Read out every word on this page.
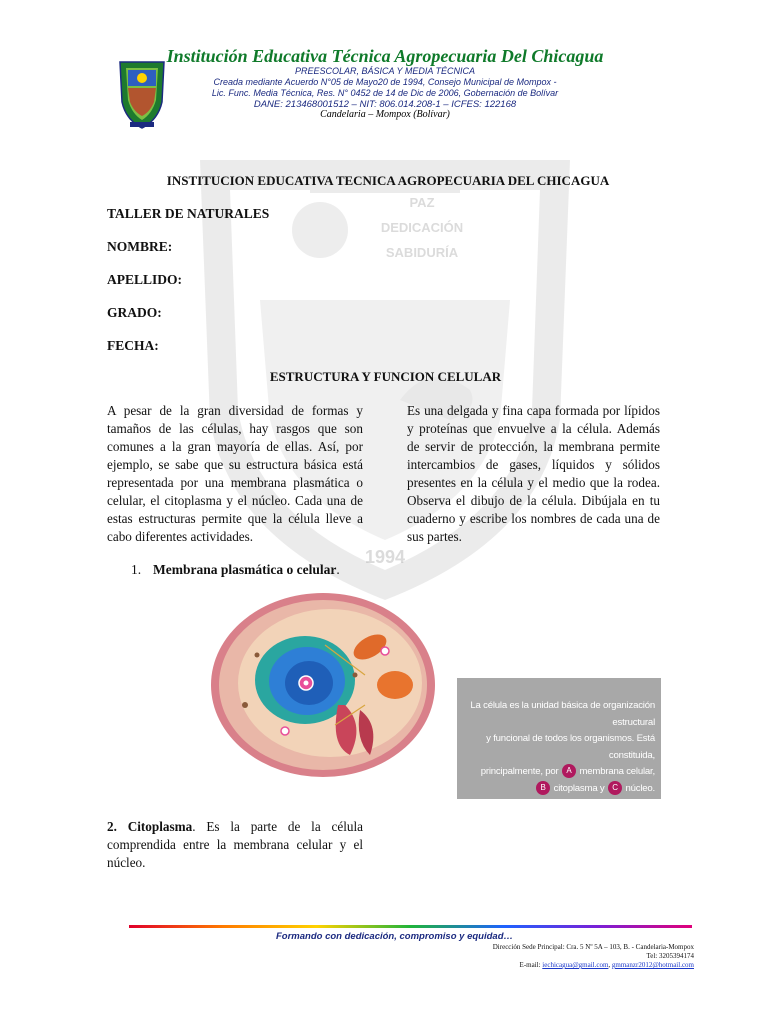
PAZ
DEDICACIÓN
SABIDURÍA
1994
Institución Educativa Técnica Agropecuaria Del Chicagua
PREESCOLAR, BÁSICA Y MEDIA TÉCNICA
Creada mediante Acuerdo N°05 de Mayo20 de 1994, Consejo Municipal de Mompox -
Lic. Func. Media Técnica, Res. N° 0452 de 14 de Dic de 2006, Gobernación de Bolívar
DANE: 213468001512 – NIT: 806.014.208-1 – ICFES: 122168
Candelaria – Mompox (Bolívar)
INSTITUCION EDUCATIVA TECNICA AGROPECUARIA DEL CHICAGUA
TALLER DE NATURALES
NOMBRE:
APELLIDO:
GRADO:
FECHA:
ESTRUCTURA Y FUNCION CELULAR

A pesar de la gran diversidad de formas y tamaños de las células, hay rasgos que son comunes a la gran mayoría de ellas. Así, por ejemplo, se sabe que su estructura básica está representada por una membrana plasmática o celular, el citoplasma y el núcleo. Cada una de estas estructuras permite que la célula lleve a cabo diferentes actividades.

Es una delgada y fina capa formada por lípidos y proteínas que envuelve a la célula. Además de servir de protección, la membrana permite intercambios de gases, líquidos y sólidos presentes en la célula y el medio que la rodea. Observa el dibujo de la célula. Dibújala en tu cuaderno y escribe los nombres de cada una de sus partes.

1. Membrana plasmática o celular.
La célula es la unidad básica de organización estructural
y funcional de todos los organismos. Está constituida,
principalmente, por A membrana celular,
B citoplasma y C núcleo.

2. Citoplasma. Es la parte de la célula comprendida entre la membrana celular y el núcleo.

Formando con dedicación, compromiso y equidad…
Dirección Sede Principal: Cra. 5 Nº 5A – 103, B. - Candelaria-Mompox
Tel: 3205394174
E-mail: iechicagua@gmail.com, gmmanzr2012@hotmail.com
